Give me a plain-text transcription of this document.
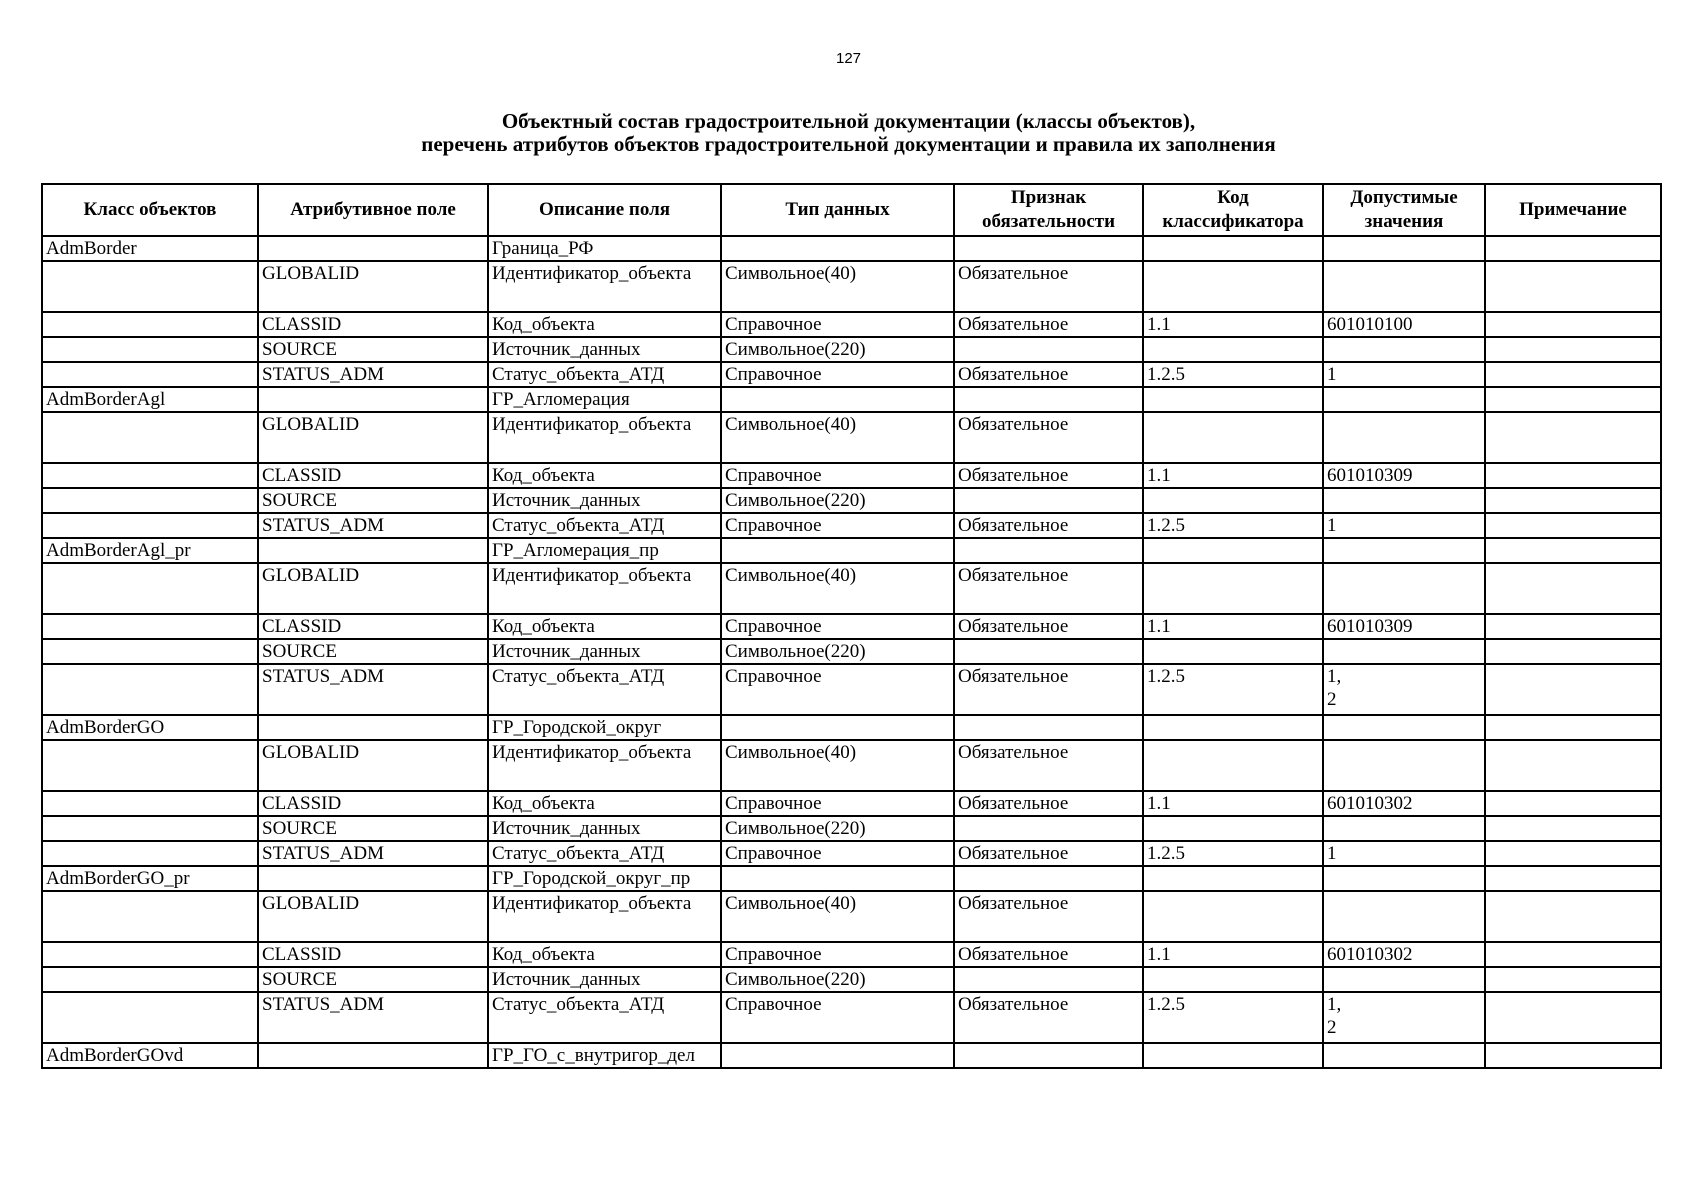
127
Объектный состав градостроительной документации (классы объектов),
перечень атрибутов объектов градостроительной документации и правила их заполнения
Класс объектов	Атрибутивное поле	Описание поля	Тип данных	Признак обязательности	Код классификатора	Допустимые значения	Примечание
AdmBorder		Граница_РФ					
	GLOBALID	Идентификатор_объекта	Символьное(40)	Обязательное			
	CLASSID	Код_объекта	Справочное	Обязательное	1.1	601010100	
	SOURCE	Источник_данных	Символьное(220)				
	STATUS_ADM	Статус_объекта_АТД	Справочное	Обязательное	1.2.5	1	
AdmBorderAgl		ГР_Агломерация					
	GLOBALID	Идентификатор_объекта	Символьное(40)	Обязательное			
	CLASSID	Код_объекта	Справочное	Обязательное	1.1	601010309	
	SOURCE	Источник_данных	Символьное(220)				
	STATUS_ADM	Статус_объекта_АТД	Справочное	Обязательное	1.2.5	1	
AdmBorderAgl_pr		ГР_Агломерация_пр					
	GLOBALID	Идентификатор_объекта	Символьное(40)	Обязательное			
	CLASSID	Код_объекта	Справочное	Обязательное	1.1	601010309	
	SOURCE	Источник_данных	Символьное(220)				
	STATUS_ADM	Статус_объекта_АТД	Справочное	Обязательное	1.2.5	1,
2	
AdmBorderGO		ГР_Городской_округ					
	GLOBALID	Идентификатор_объекта	Символьное(40)	Обязательное			
	CLASSID	Код_объекта	Справочное	Обязательное	1.1	601010302	
	SOURCE	Источник_данных	Символьное(220)				
	STATUS_ADM	Статус_объекта_АТД	Справочное	Обязательное	1.2.5	1	
AdmBorderGO_pr		ГР_Городской_округ_пр					
	GLOBALID	Идентификатор_объекта	Символьное(40)	Обязательное			
	CLASSID	Код_объекта	Справочное	Обязательное	1.1	601010302	
	SOURCE	Источник_данных	Символьное(220)				
	STATUS_ADM	Статус_объекта_АТД	Справочное	Обязательное	1.2.5	1,
2	
AdmBorderGOvd		ГР_ГО_с_внутригор_дел					
